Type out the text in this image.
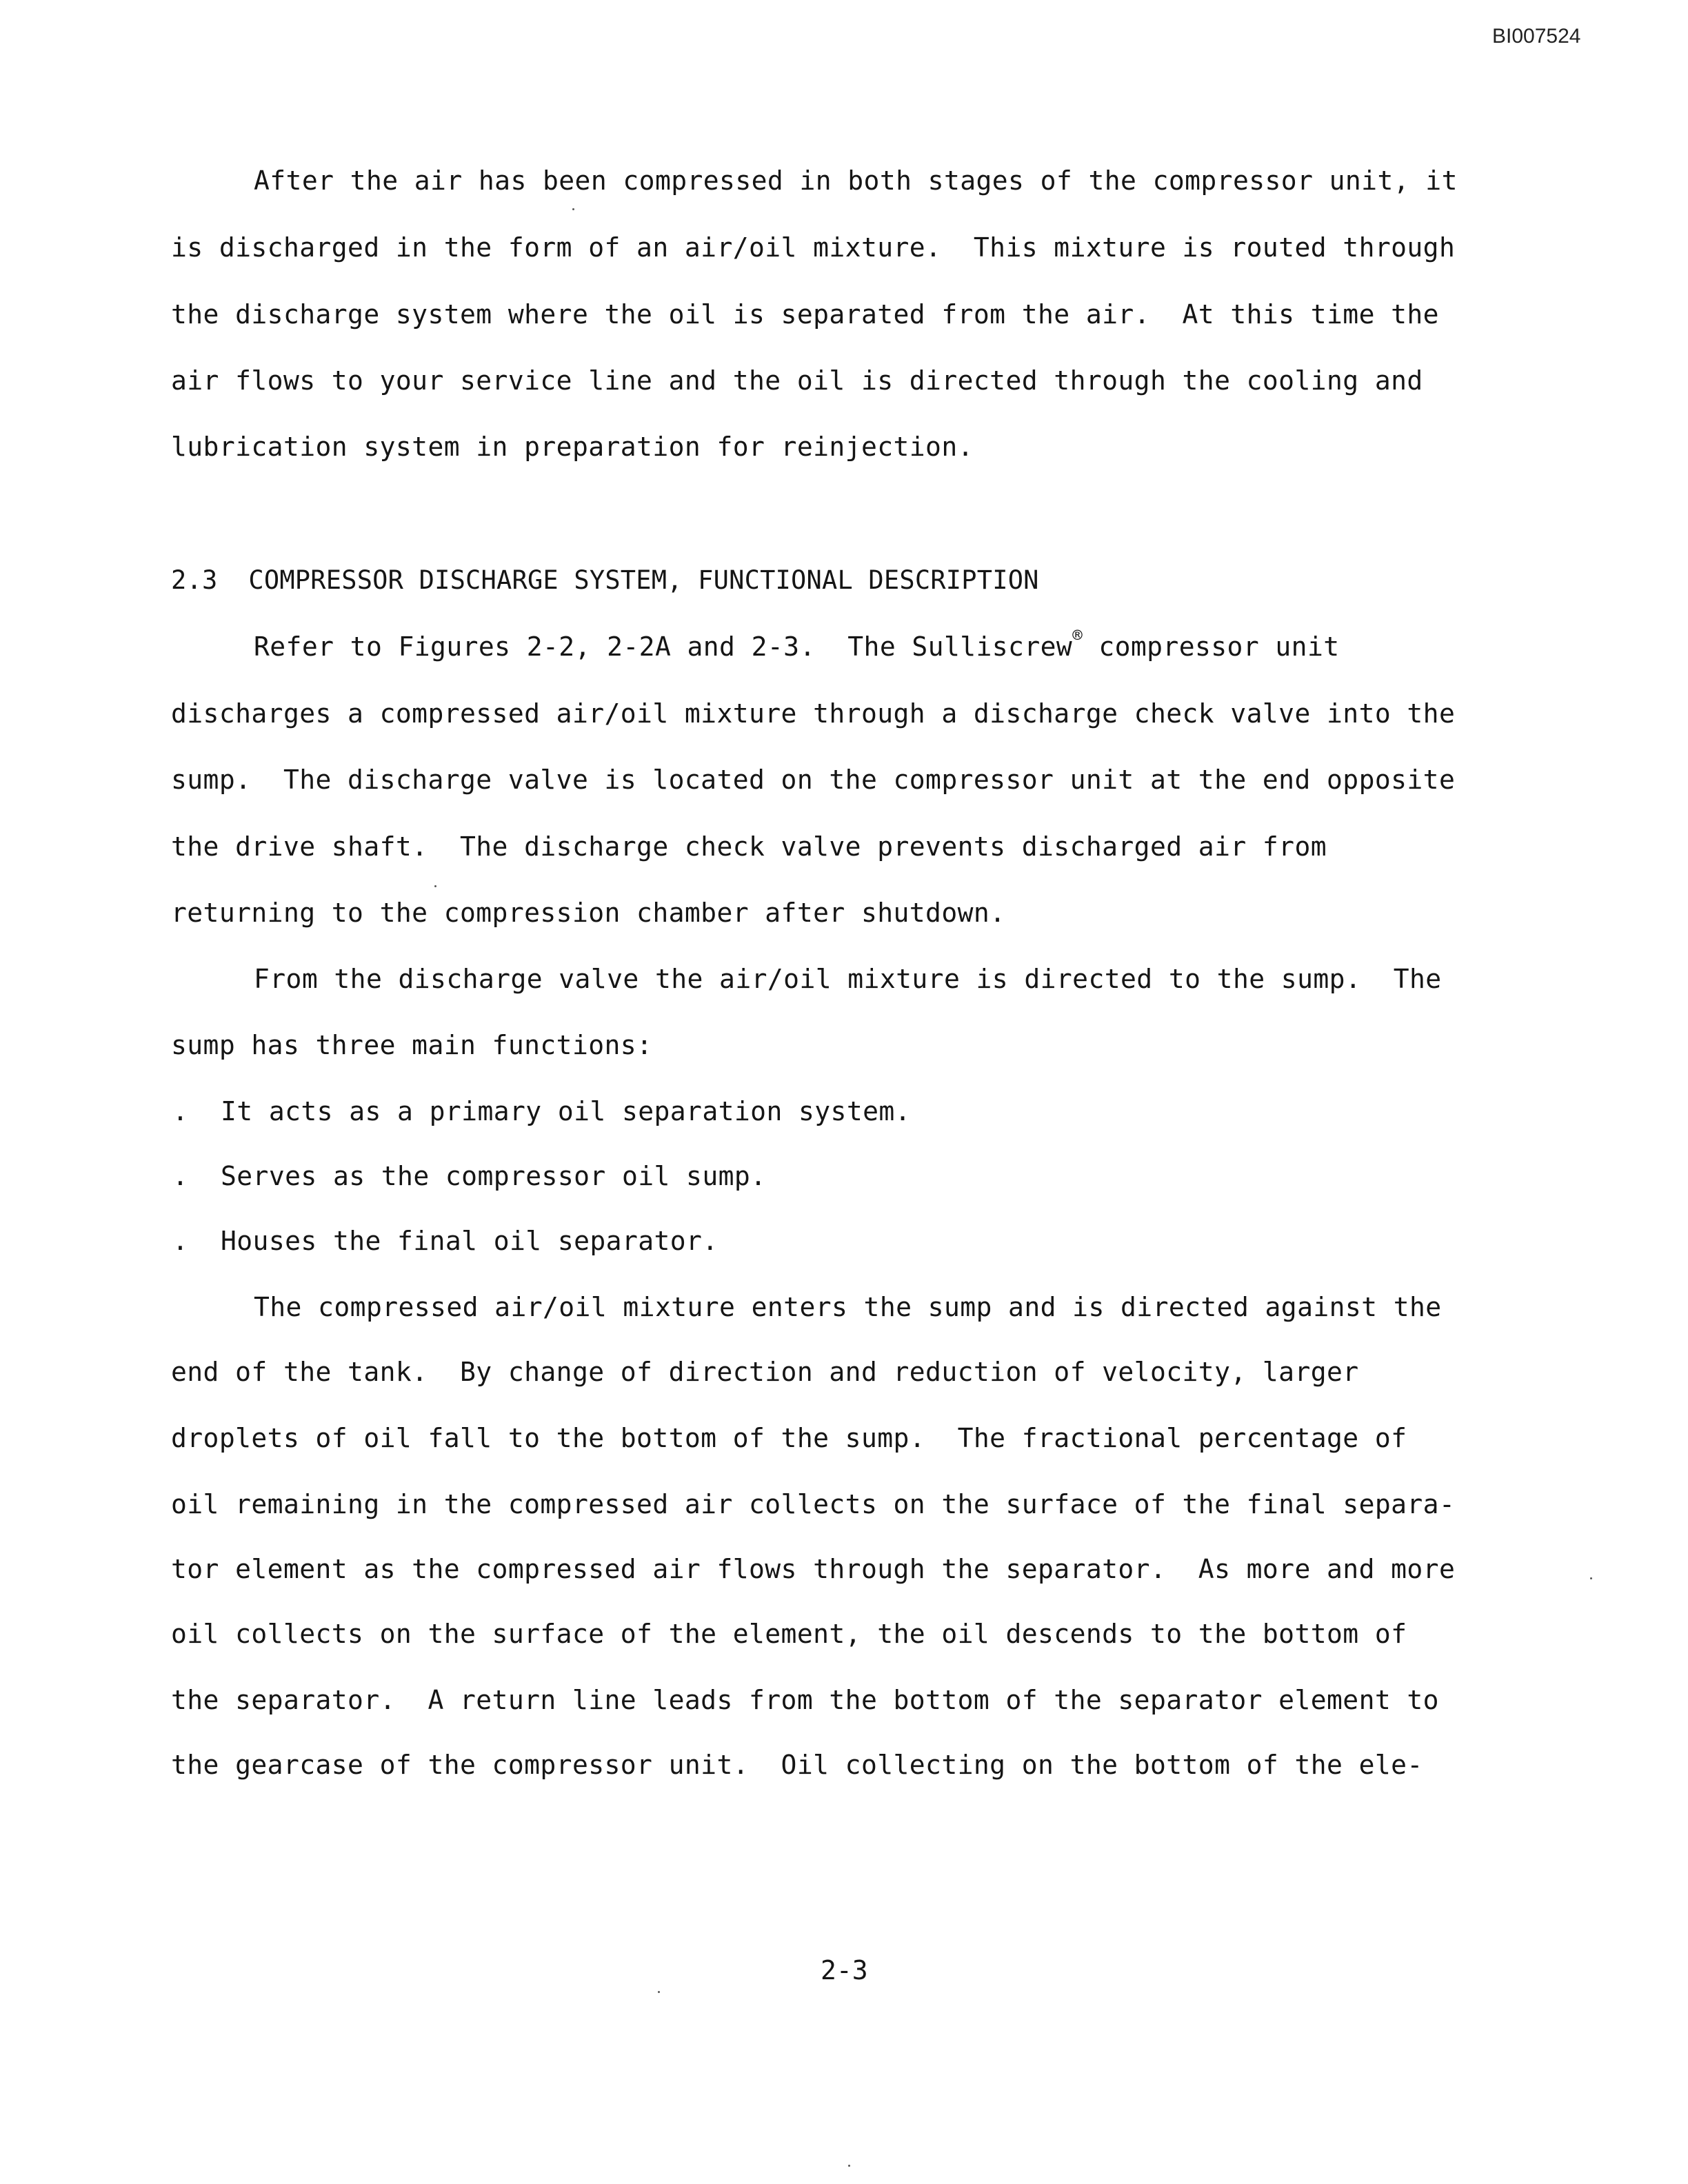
BI007524
After the air has been compressed in both stages of the compressor unit, it
is discharged in the form of an air/oil mixture.  This mixture is routed through
the discharge system where the oil is separated from the air.  At this time the
air flows to your service line and the oil is directed through the cooling and
lubrication system in preparation for reinjection.
2.3  COMPRESSOR DISCHARGE SYSTEM, FUNCTIONAL DESCRIPTION
Refer to Figures 2-2, 2-2A and 2-3.  The Sulliscrew® compressor unit
discharges a compressed air/oil mixture through a discharge check valve into the
sump.  The discharge valve is located on the compressor unit at the end opposite
the drive shaft.  The discharge check valve prevents discharged air from
returning to the compression chamber after shutdown.
From the discharge valve the air/oil mixture is directed to the sump.  The
sump has three main functions:
. It acts as a primary oil separation system.
. Serves as the compressor oil sump.
. Houses the final oil separator.
The compressed air/oil mixture enters the sump and is directed against the
end of the tank.  By change of direction and reduction of velocity, larger
droplets of oil fall to the bottom of the sump.  The fractional percentage of
oil remaining in the compressed air collects on the surface of the final separa-
tor element as the compressed air flows through the separator.  As more and more
oil collects on the surface of the element, the oil descends to the bottom of
the separator.  A return line leads from the bottom of the separator element to
the gearcase of the compressor unit.  Oil collecting on the bottom of the ele-
2-3
